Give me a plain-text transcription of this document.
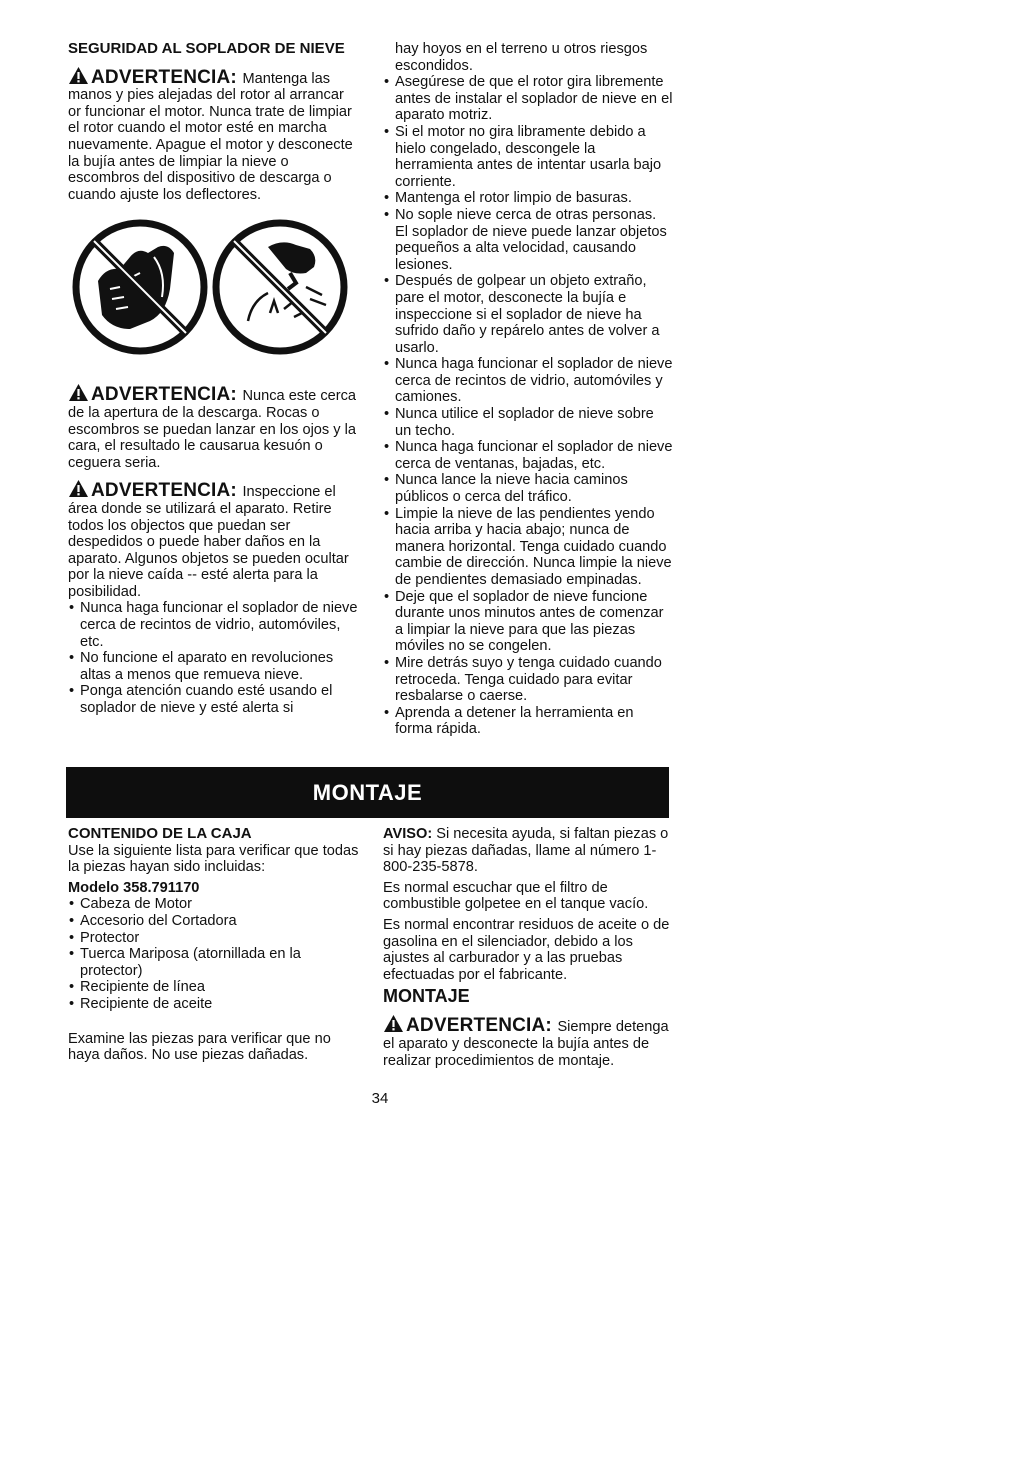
SEGURIDAD AL SOPLADOR DE NIEVE
ADVERTENCIA: Mantenga las manos y pies alejadas del rotor al arrancar or funcionar el motor. Nunca trate de limpiar el rotor cuando el motor esté en marcha nuevamente. Apague el motor y desconecte la bujía antes de limpiar la nieve o escombros del dispositivo de descarga o cuando ajuste los deflectores.
ADVERTENCIA: Nunca este cerca de la apertura de la descarga. Rocas o escombros se puedan lanzar en los ojos y la cara, el resultado le causarua kesuón o ceguera seria.
ADVERTENCIA: Inspeccione el área donde se utilizará el aparato. Retire todos los objectos que puedan ser despedidos o puede haber daños en la aparato. Algunos objetos se pueden ocultar por la nieve caída -- esté alerta para la posibilidad.
• Nunca haga funcionar el soplador de nieve cerca de recintos de vidrio, automóviles, etc.
• No funcione el aparato en revoluciones altas a menos que remueva nieve.
• Ponga atención cuando esté usando el soplador de nieve y esté alerta si

hay hoyos en el terreno u otros riesgos escondidos.

• Asegúrese de que el rotor gira libremente antes de instalar el soplador de nieve en el aparato motriz.
• Si el motor no gira libramente debido a hielo congelado, descongele la herramienta antes de intentar usarla bajo corriente.
• Mantenga el rotor limpio de basuras.
• No sople nieve cerca de otras personas. El soplador de nieve puede lanzar objetos pequeños a alta velocidad, causando lesiones.
• Después de golpear un objeto extraño, pare el motor, desconecte la bujía e inspeccione si el soplador de nieve ha sufrido daño y repárelo antes de volver a usarlo.
• Nunca haga funcionar el soplador de nieve cerca de recintos de vidrio, automóviles y camiones.
• Nunca utilice el soplador de nieve sobre un techo.
• Nunca haga funcionar el soplador de nieve cerca de ventanas, bajadas, etc.
• Nunca lance la nieve hacia caminos públicos o cerca del tráfico.
• Limpie la nieve de las pendientes yendo hacia arriba y hacia abajo; nunca de manera horizontal. Tenga cuidado cuando cambie de dirección. Nunca limpie la nieve de pendientes demasiado empinadas.
• Deje que el soplador de nieve funcione durante unos minutos antes de comenzar a limpiar la nieve para que las piezas móviles no se congelen.
• Mire detrás suyo y tenga cuidado cuando retroceda. Tenga cuidado para evitar resbalarse o caerse.
• Aprenda a detener la herramienta en forma rápida.
MONTAJE
CONTENIDO DE LA CAJA

Use la siguiente lista para verificar que todas la piezas hayan sido incluidas:

Modelo 358.791170
• Cabeza de Motor
• Accesorio del Cortadora
• Protector
• Tuerca Mariposa (atornillada en la protector)
• Recipiente de línea
• Recipiente de aceite

Examine las piezas para verificar que no haya daños. No use piezas dañadas.

AVISO: Si necesita ayuda, si faltan piezas o si hay piezas dañadas, llame al número 1-800-235-5878.

Es normal escuchar que el filtro de combustible golpetee en el tanque vacío.

Es normal encontrar residuos de aceite o de gasolina en el silenciador, debido a los ajustes al carburador y a las pruebas efectuadas por el fabricante.

MONTAJE
ADVERTENCIA: Siempre detenga el aparato y desconecte la bujía antes de realizar procedimientos de montaje.
34
